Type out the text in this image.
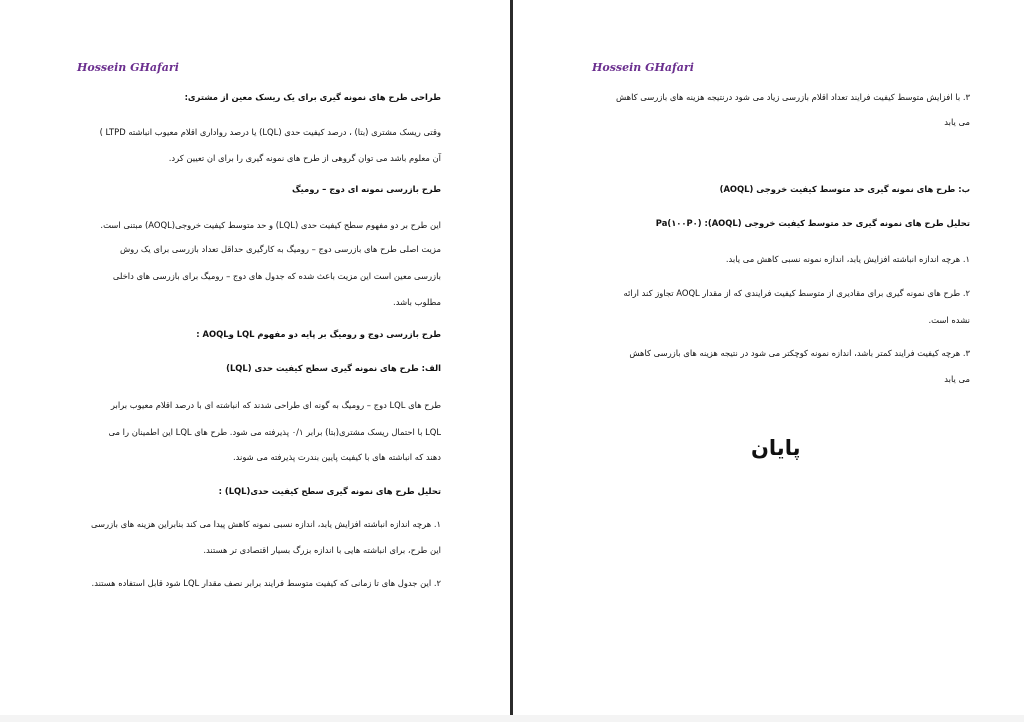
Hossein GHafari
طراحی طرح های نمونه گیری برای یک ریسک معین از مشتری:
وقتی ریسک مشتری (بتا) ، درصد کیفیت حدی (LQL) یا درصد رواداری اقلام معیوب انباشته LTPD )
آن معلوم باشد می توان گروهی از طرح های نمونه گیری را برای ان تعیین کرد.
طرح بازرسی نمونه ای دوج – رومیگ
این طرح بر دو مفهوم سطح کیفیت حدی (LQL) و حد متوسط کیفیت خروجی(AOQL) مبتنی است.
مزیت اصلی طرح های بازرسی دوج – رومیگ به کارگیری حداقل تعداد بازرسی برای یک روش
بازرسی معین است این مزیت باعث شده که جدول های دوج – رومیگ برای بازرسی های داخلی
مطلوب باشد.
طرح بازرسی دوج و رومیگ بر پایه دو مفهوم LQL وAOQL :
الف: طرح های نمونه گیری سطح کیفیت حدی (LQL)
طرح های LQL دوج – رومیگ به گونه ای طراحی شدند که انباشته ای با درصد اقلام معیوب برابر
LQL با احتمال ریسک مشتری(بتا) برابر ۰/۱ پذیرفته می شود. طرح های LQL این اطمینان را می
دهند که انباشته های با کیفیت پایین بندرت پذیرفته می شوند.
تحلیل طرح های نمونه گیری سطح کیفیت حدی(LQL) :
۱. هرچه اندازه انباشته افزایش یابد، اندازه نسبی نمونه کاهش پیدا می کند بنابراین هزینه های بازرسی
این طرح، برای انباشته هایی با اندازه بزرگ بسیار اقتصادی تر هستند.
۲. این جدول های تا زمانی که کیفیت متوسط فرایند برابر نصف مقدار LQL شود قابل استفاده هستند.
Hossein GHafari
۳. با افزایش متوسط کیفیت فرایند تعداد اقلام بازرسی زیاد می شود درنتیجه هزینه های بازرسی کاهش
می یابد
ب: طرح های نمونه گیری حد متوسط کیفیت خروجی (AOQL)
تحلیل طرح های نمونه گیری حد متوسط کیفیت خروجی (AOQL): Pa(۱۰۰P۰)
۱. هرچه اندازه انباشته افزایش یابد، اندازه نمونه نسبی کاهش می یابد.
۲. طرح های نمونه گیری برای مقادیری از متوسط کیفیت فرایندی که از مقدار AOQL تجاوز کند ارائه
نشده است.
۳. هرچه کیفیت فرایند کمتر باشد، اندازه نمونه کوچکتر می شود در نتیجه هزینه های بازرسی کاهش
می یابد
پایان
